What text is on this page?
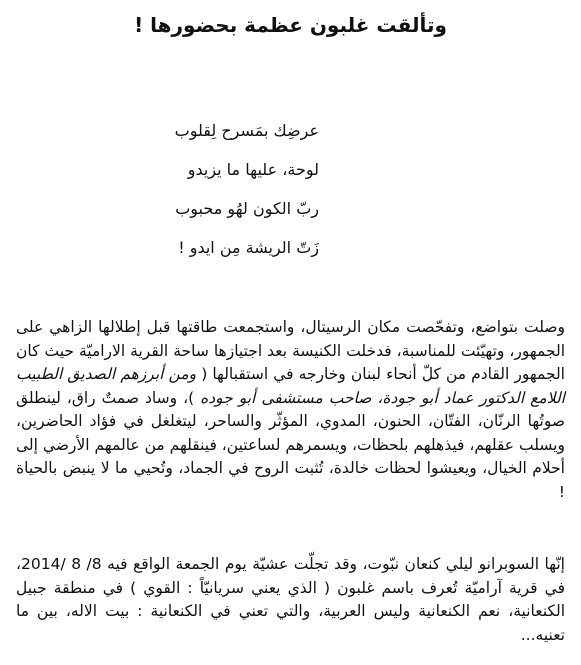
وتألقت غلبون عظمة بحضورها !
عرضِك بمَسرح لِقلوب
لوحة، عليها ما يزيدو
ربّ الكون لهُو محبوب
زَتّ الريشة مِن ايدو !

وصلت بتواضع، وتفحّصت مكان الرسيتال، واستجمعت طاقتها قبل إطلالها الزاهي على الجمهور، وتهيّئت للمناسبة، فدخلت الكنيسة بعد اجتيازها ساحة القرية الاراميّة حيث كان الجمهور القادم من كلّ أنحاء لبنان وخارجه في استقبالها ( ومن أبرزهم الصديق الطبيب اللامع الدكتور عماد أبو جودة، صاحب مستشفى أبو جوده )، وساد صمتٌ راق، لينطلق صوتُها الرنّان، الفتّان، الحنون، المدوي، المؤثّر والساحر، ليتغلغل في فؤاد الحاضرين، ويسلب عقلهم، فيذهلهم بلحظات، ويسمرهم لساعتين، فينقلهم من عالمهم الأرضي إلى أحلام الخيال، ويعيشوا لحظات خالدة، تُثبت الروح في الجماد، وتُحيي ما لا ينبض بالحياة !

إنّها السوبرانو ليلي كنعان نبّوت، وقد تجلّت عشيّة يوم الجمعة الواقع فيه 8/ 8 /2014، في قرية آراميّة تُعرف باسم غلبون ( الذي يعني سريانيّاً : القوي ) في منطقة جبيل الكنعانية، نعم الكنعانية وليس العربية، والتي تعني في الكنعانية : بيت الاله، بين ما تعنيه...
